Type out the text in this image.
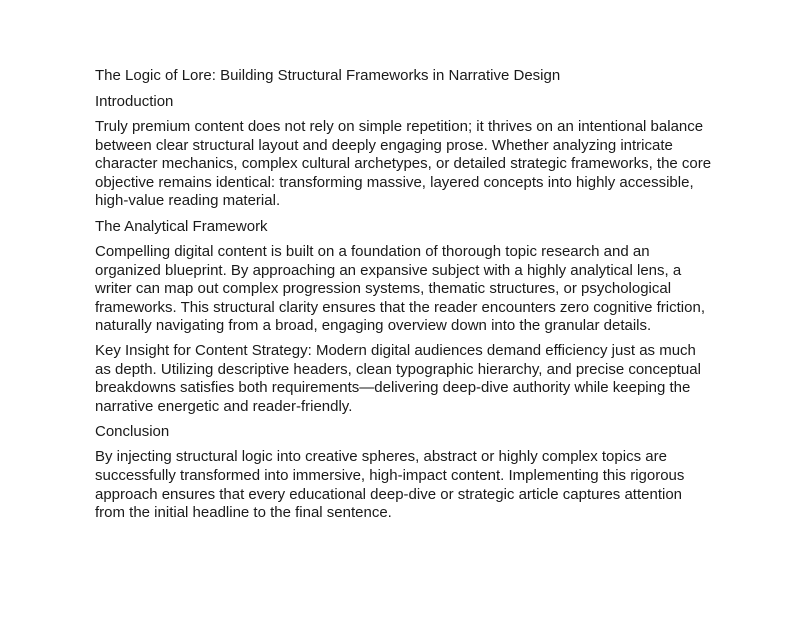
The Logic of Lore: Building Structural Frameworks in Narrative Design
Introduction
Truly premium content does not rely on simple repetition; it thrives on an intentional balance between clear structural layout and deeply engaging prose. Whether analyzing intricate character mechanics, complex cultural archetypes, or detailed strategic frameworks, the core objective remains identical: transforming massive, layered concepts into highly accessible, high-value reading material.
The Analytical Framework
Compelling digital content is built on a foundation of thorough topic research and an organized blueprint. By approaching an expansive subject with a highly analytical lens, a writer can map out complex progression systems, thematic structures, or psychological frameworks. This structural clarity ensures that the reader encounters zero cognitive friction, naturally navigating from a broad, engaging overview down into the granular details.
Key Insight for Content Strategy: Modern digital audiences demand efficiency just as much as depth. Utilizing descriptive headers, clean typographic hierarchy, and precise conceptual breakdowns satisfies both requirements—delivering deep-dive authority while keeping the narrative energetic and reader-friendly.
Conclusion
By injecting structural logic into creative spheres, abstract or highly complex topics are successfully transformed into immersive, high-impact content. Implementing this rigorous approach ensures that every educational deep-dive or strategic article captures attention from the initial headline to the final sentence.
